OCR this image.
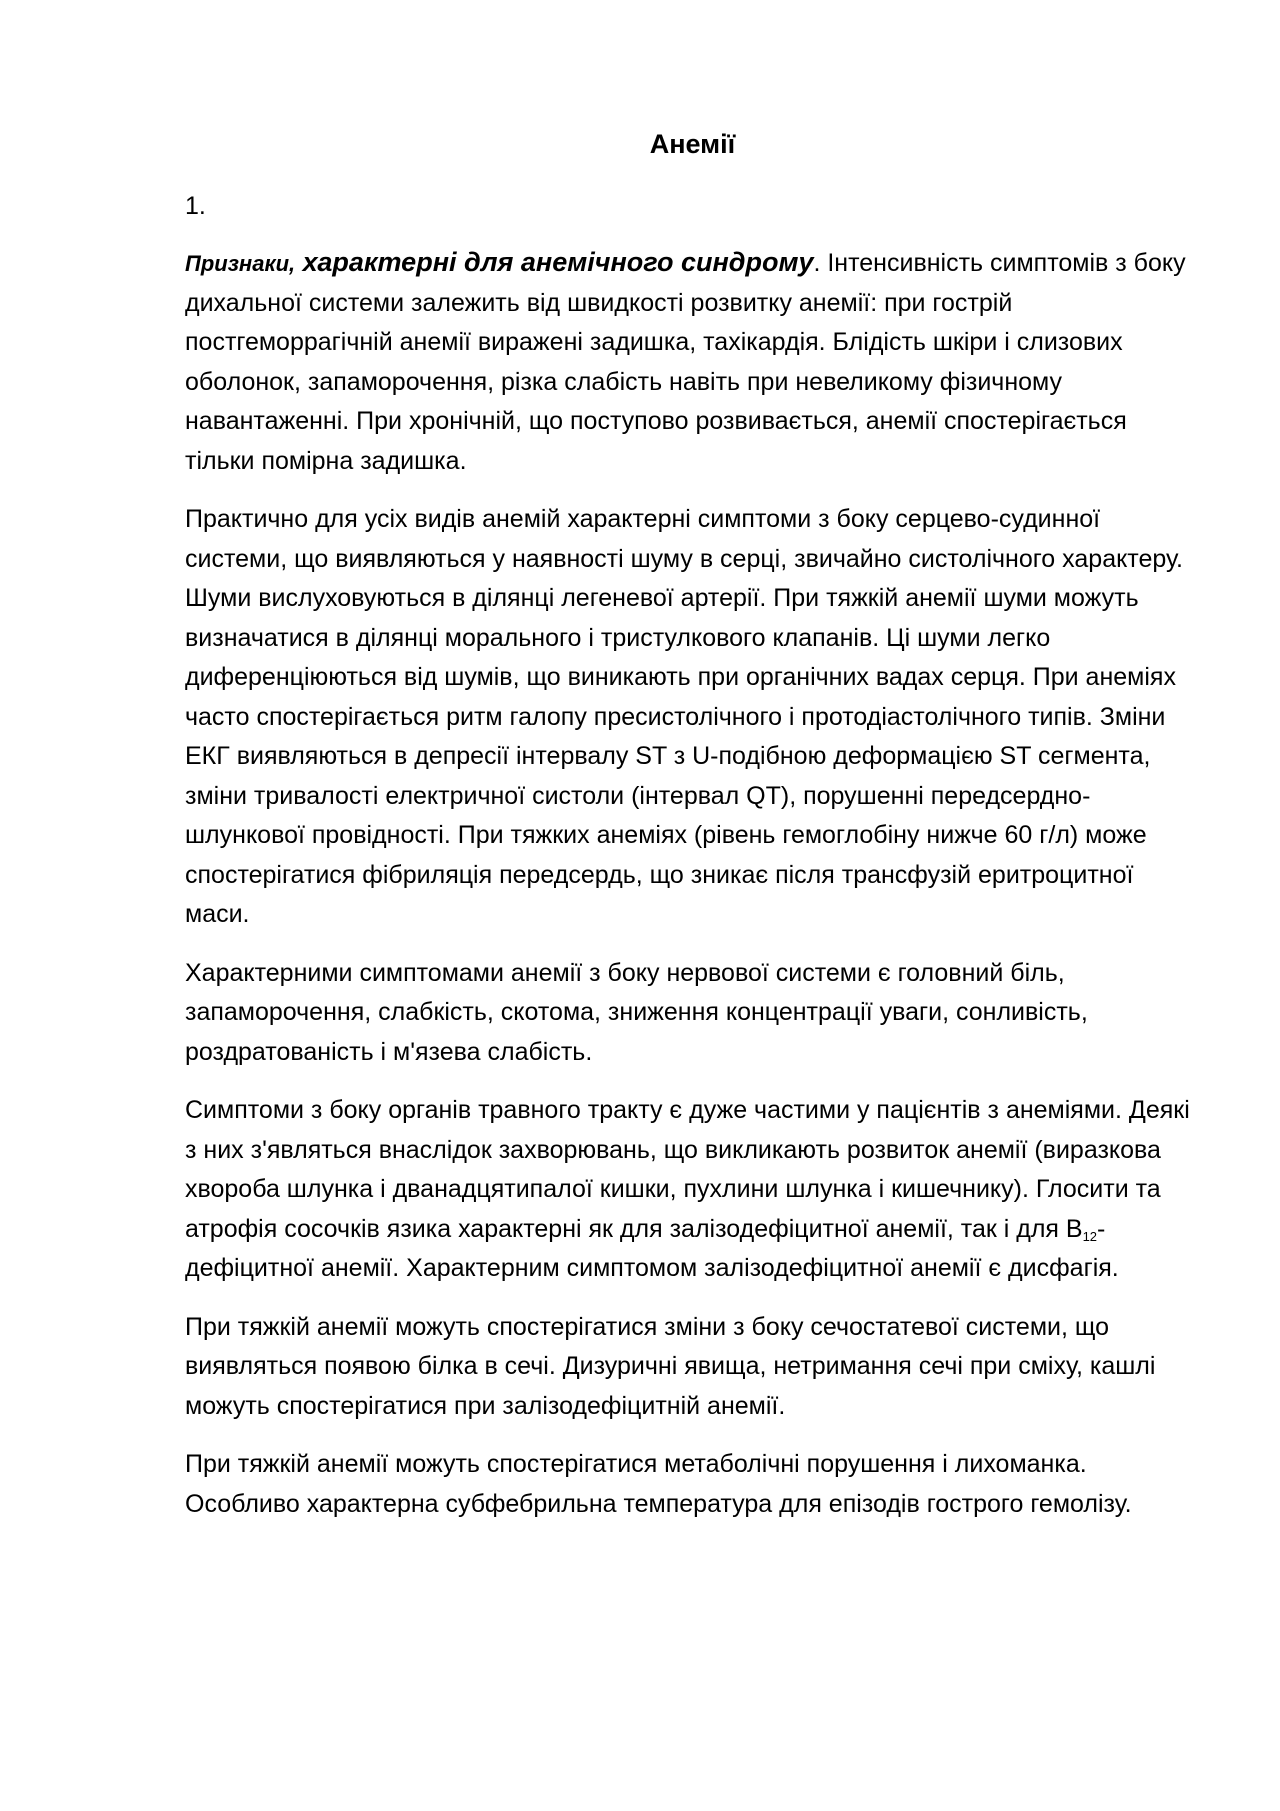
Анемії
1.

Признаки, характерні для анемічного синдрому. Інтенсивність симптомів з боку дихальної системи залежить від швидкості розвитку анемії: при гострій постгеморрагічній анемії виражені задишка, тахікардія. Блідість шкіри і слизових оболонок, запаморочення, різка слабість навіть при невеликому фізичному навантаженні. При хронічній, що поступово розвивається, анемії спостерігається тільки помірна задишка.

Практично для усіх видів анемій характерні симптоми з боку серцево-судинної системи, що виявляються у наявності шуму в серці, звичайно систолічного характеру. Шуми вислуховуються в ділянці легеневої артерії. При тяжкій анемії шуми можуть визначатися в ділянці морального і тристулкового клапанів. Ці шуми легко диференціюються від шумів, що виникають при органічних вадах серця. При анеміях часто спостерігається ритм галопу пресистолічного і протодіастолічного типів. Зміни ЕКГ виявляються в депресії інтервалу ST з U-подібною деформацією ST сегмента, зміни тривалості електричної систоли (інтервал QT), порушенні передсердно-шлункової провідності. При тяжких анеміях (рівень гемоглобіну нижче 60 г/л) може спостерігатися фібриляція передсердь, що зникає після трансфузій еритроцитної маси.

Характерними симптомами анемії з боку нервової системи є головний біль, запаморочення, слабкість, скотома, зниження концентрації уваги, сонливість, роздратованість і м'язева слабість.

Симптоми з боку органів травного тракту є дуже частими у пацієнтів з анеміями. Деякі з них з'являться внаслідок захворювань, що викликають розвиток анемії (виразкова хвороба шлунка і дванадцятипалої кишки, пухлини шлунка і кишечнику). Глосити та атрофія сосочків язика характерні як для залізодефіцитної анемії, так і для $B_{12}$-дефіцитної анемії. Характерним симптомом залізодефіцитної анемії є дисфагія.

При тяжкій анемії можуть спостерігатися зміни з боку сечостатевої системи, що виявляться появою білка в сечі. Дизуричні явища, нетримання сечі при сміху, кашлі можуть спостерігатися при залізодефіцитній анемії.

При тяжкій анемії можуть спостерігатися метаболічні порушення і лихоманка. Особливо характерна субфебрильна температура для епізодів гострого гемолізу.
